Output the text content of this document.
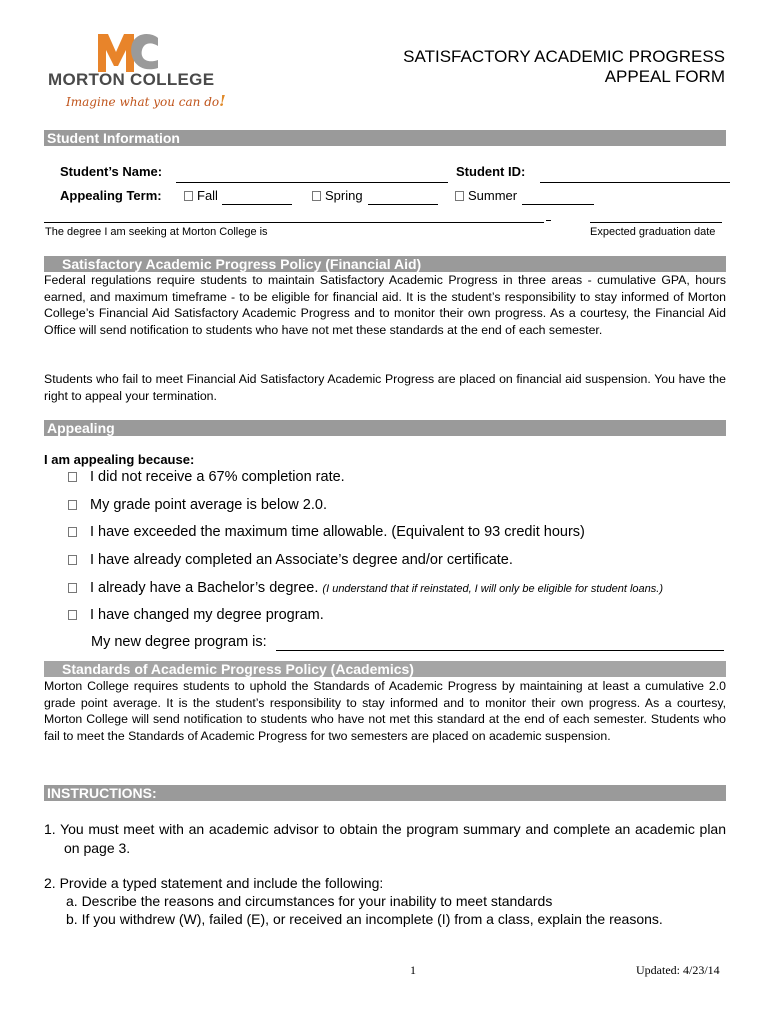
MORTON COLLEGE
Imagine what you can do!
SATISFACTORY ACADEMIC PROGRESS
APPEAL FORM
Student Information
Student’s Name:	Student ID:
Appealing Term:	Fall	Spring	Summer
The degree I am seeking at Morton College is	Expected graduation date
Satisfactory Academic Progress Policy (Financial Aid)
Federal regulations require students to maintain Satisfactory Academic Progress in three areas - cumulative GPA, hours earned, and maximum timeframe - to be eligible for financial aid. It is the student’s responsibility to stay informed of Morton College’s Financial Aid Satisfactory Academic Progress and to monitor their own progress. As a courtesy, the Financial Aid Office will send notification to students who have not met these standards at the end of each semester.
Students who fail to meet Financial Aid Satisfactory Academic Progress are placed on financial aid suspension. You have the right to appeal your termination.
Appealing
I am appealing because:
I did not receive a 67% completion rate.
My grade point average is below 2.0.
I have exceeded the maximum time allowable. (Equivalent to 93 credit hours)
I have already completed an Associate’s degree and/or certificate.
I already have a Bachelor’s degree. (I understand that if reinstated, I will only be eligible for student loans.)
I have changed my degree program.
My new degree program is:
Standards of Academic Progress Policy (Academics)
Morton College requires students to uphold the Standards of Academic Progress by maintaining at least a cumulative 2.0 grade point average. It is the student’s responsibility to stay informed and to monitor their own progress. As a courtesy, Morton College will send notification to students who have not met this standard at the end of each semester. Students who fail to meet the Standards of Academic Progress for two semesters are placed on academic suspension.
INSTRUCTIONS:
1. You must meet with an academic advisor to obtain the program summary and complete an academic plan on page 3.
2. Provide a typed statement and include the following:
a. Describe the reasons and circumstances for your inability to meet standards
b. If you withdrew (W), failed (E), or received an incomplete (I) from a class, explain the reasons.
1	Updated: 4/23/14
